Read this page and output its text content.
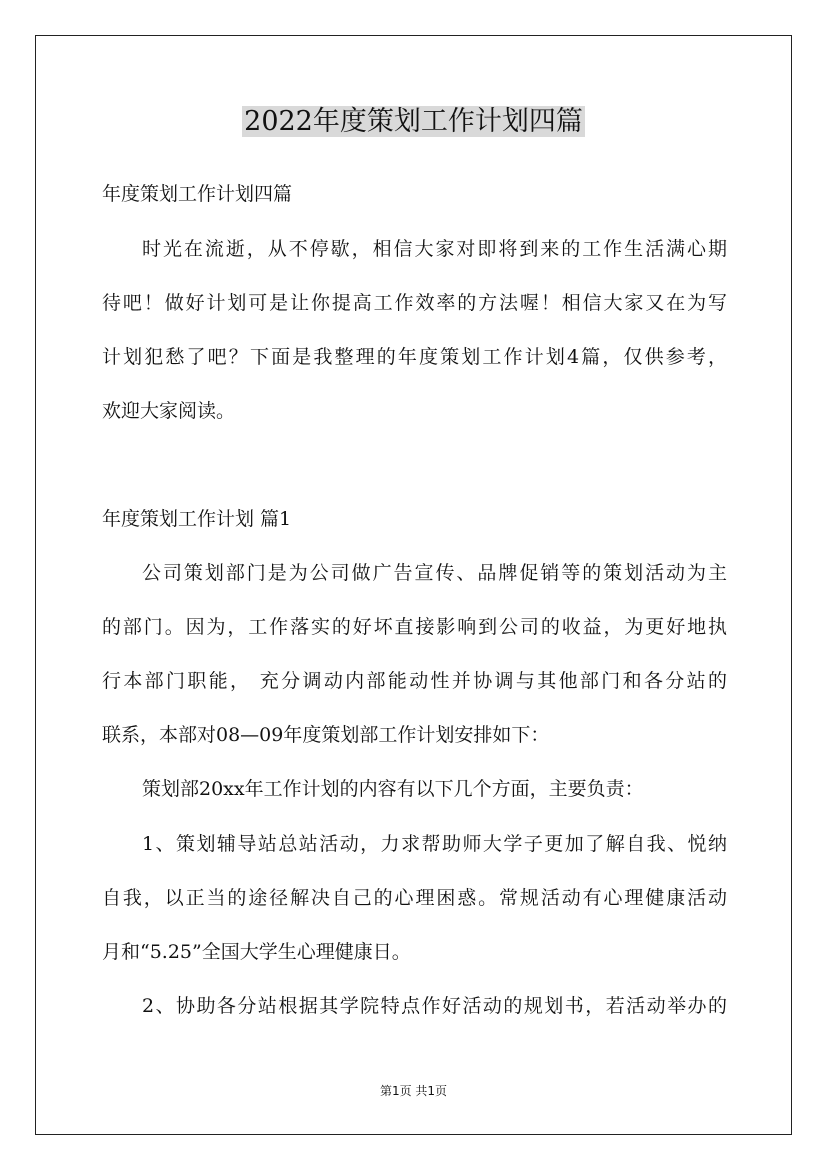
2022年度策划工作计划四篇
年度策划工作计划四篇
时光在流逝，从不停歇，相信大家对即将到来的工作生活满心期
待吧！做好计划可是让你提高工作效率的方法喔！相信大家又在为写
计划犯愁了吧？下面是我整理的年度策划工作计划4篇，仅供参考，
欢迎大家阅读。
年度策划工作计划 篇1
公司策划部门是为公司做广告宣传、品牌促销等的策划活动为主
的部门。因为，工作落实的好坏直接影响到公司的收益，为更好地执
行本部门职能， 充分调动内部能动性并协调与其他部门和各分站的
联系，本部对08—09年度策划部工作计划安排如下：
策划部20xx年工作计划的内容有以下几个方面，主要负责：
1、策划辅导站总站活动，力求帮助师大学子更加了解自我、悦纳
自我，以正当的途径解决自己的心理困惑。常规活动有心理健康活动
月和“5.25”全国大学生心理健康日。
2、协助各分站根据其学院特点作好活动的规划书，若活动举办的
第1页 共1页
